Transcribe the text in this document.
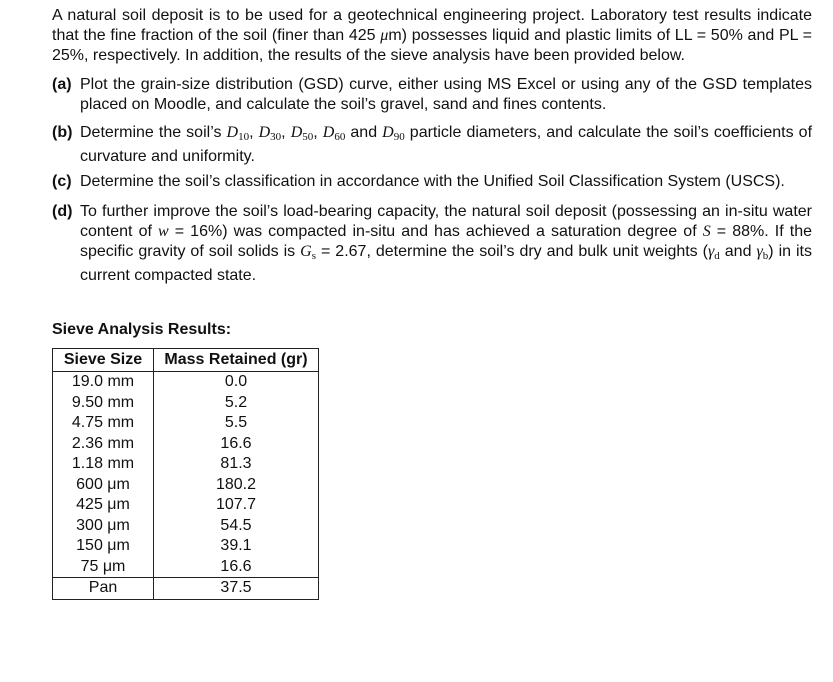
A natural soil deposit is to be used for a geotechnical engineering project. Laboratory test results indicate that the fine fraction of the soil (finer than 425 μm) possesses liquid and plastic limits of LL = 50% and PL = 25%, respectively. In addition, the results of the sieve analysis have been provided below.

(a) Plot the grain-size distribution (GSD) curve, either using MS Excel or using any of the GSD templates placed on Moodle, and calculate the soil’s gravel, sand and fines contents.
(b) Determine the soil’s $D_{10}$, $D_{30}$, $D_{50}$, $D_{60}$ and $D_{90}$ particle diameters, and calculate the soil’s coefficients of curvature and uniformity.
(c) Determine the soil’s classification in accordance with the Unified Soil Classification System (USCS).
(d) To further improve the soil’s load-bearing capacity, the natural soil deposit (possessing an in-situ water content of w = 16%) was compacted in-situ and has achieved a saturation degree of S = 88%. If the specific gravity of soil solids is $G_s = 2.67$, determine the soil’s dry and bulk unit weights ($\gamma_d$ and $\gamma_b$) in its current compacted state.
Sieve Analysis Results:
Sieve Size	Mass Retained (gr)
19.0 mm	0.0
9.50 mm	5.2
4.75 mm	5.5
2.36 mm	16.6
1.18 mm	81.3
600 μm	180.2
425 μm	107.7
300 μm	54.5
150 μm	39.1
75 μm	16.6
Pan	37.5
